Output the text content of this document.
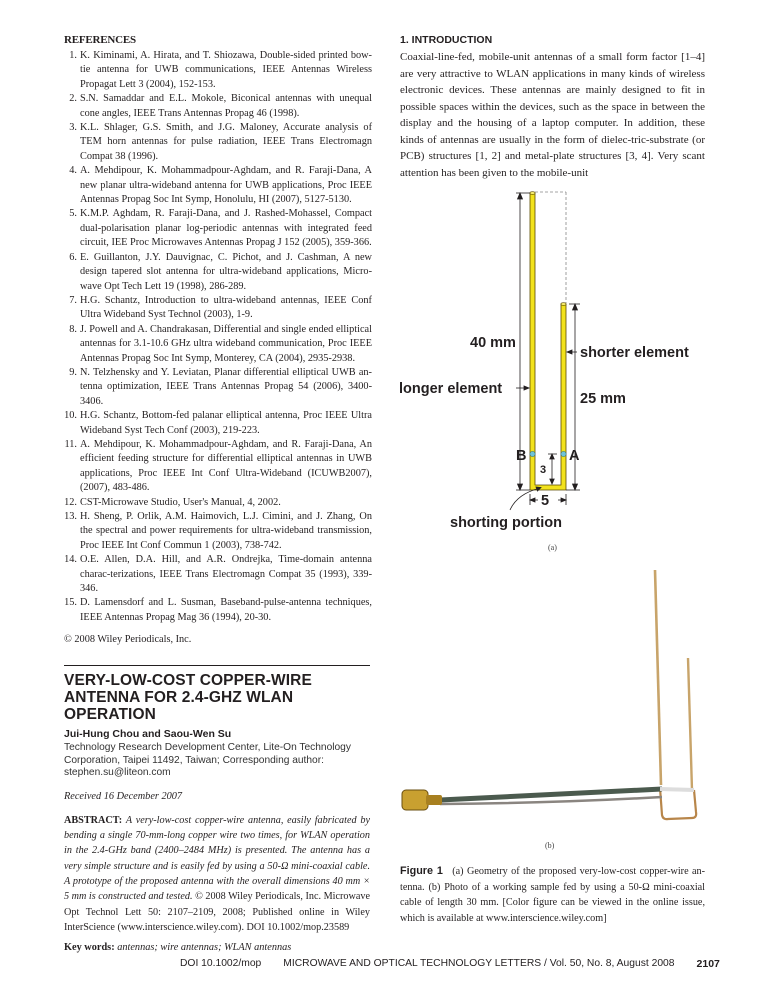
REFERENCES
1. K. Kiminami, A. Hirata, and T. Shiozawa, Double-sided printed bow-tie antenna for UWB communications, IEEE Antennas Wireless Propagat Lett 3 (2004), 152-153.
2. S.N. Samaddar and E.L. Mokole, Biconical antennas with unequal cone angles, IEEE Trans Antennas Propag 46 (1998).
3. K.L. Shlager, G.S. Smith, and J.G. Maloney, Accurate analysis of TEM horn antennas for pulse radiation, IEEE Trans Electromagn Compat 38 (1996).
4. A. Mehdipour, K. Mohammadpour-Aghdam, and R. Faraji-Dana, A new planar ultra-wideband antenna for UWB applications, Proc IEEE Antennas Propag Soc Int Symp, Honolulu, HI (2007), 5127-5130.
5. K.M.P. Aghdam, R. Faraji-Dana, and J. Rashed-Mohassel, Compact dual-polarisation planar log-periodic antennas with integrated feed circuit, IEE Proc Microwaves Antennas Propag J 152 (2005), 359-366.
6. E. Guillanton, J.Y. Dauvignac, C. Pichot, and J. Cashman, A new design tapered slot antenna for ultra-wideband applications, Micro-wave Opt Tech Lett 19 (1998), 286-289.
7. H.G. Schantz, Introduction to ultra-wideband antennas, IEEE Conf Ultra Wideband Syst Technol (2003), 1-9.
8. J. Powell and A. Chandrakasan, Differential and single ended elliptical antennas for 3.1-10.6 GHz ultra wideband communication, Proc IEEE Antennas Propag Soc Int Symp, Monterey, CA (2004), 2935-2938.
9. N. Telzhensky and Y. Leviatan, Planar differential elliptical UWB an-tenna optimization, IEEE Trans Antennas Propag 54 (2006), 3400-3406.
10. H.G. Schantz, Bottom-fed palanar elliptical antenna, Proc IEEE Ultra Wideband Syst Tech Conf (2003), 219-223.
11. A. Mehdipour, K. Mohammadpour-Aghdam, and R. Faraji-Dana, An efficient feeding structure for differential elliptical antennas in UWB applications, Proc IEEE Int Conf Ultra-Wideband (ICUWB2007), (2007), 483-486.
12. CST-Microwave Studio, User's Manual, 4, 2002.
13. H. Sheng, P. Orlik, A.M. Haimovich, L.J. Cimini, and J. Zhang, On the spectral and power requirements for ultra-wideband transmission, Proc IEEE Int Conf Commun 1 (2003), 738-742.
14. O.E. Allen, D.A. Hill, and A.R. Ondrejka, Time-domain antenna charac-terizations, IEEE Trans Electromagn Compat 35 (1993), 339-346.
15. D. Lamensdorf and L. Susman, Baseband-pulse-antenna techniques, IEEE Antennas Propag Mag 36 (1994), 20-30.
© 2008 Wiley Periodicals, Inc.
VERY-LOW-COST COPPER-WIRE ANTENNA FOR 2.4-GHZ WLAN OPERATION
Jui-Hung Chou and Saou-Wen Su
Technology Research Development Center, Lite-On Technology Corporation, Taipei 11492, Taiwan; Corresponding author: stephen.su@liteon.com
Received 16 December 2007
ABSTRACT: A very-low-cost copper-wire antenna, easily fabricated by bending a single 70-mm-long copper wire two times, for WLAN operation in the 2.4-GHz band (2400–2484 MHz) is presented. The antenna has a very simple structure and is easily fed by using a 50-Ω mini-coaxial cable. A prototype of the proposed antenna with the overall dimensions 40 mm × 5 mm is constructed and tested. © 2008 Wiley Periodicals, Inc. Microwave Opt Technol Lett 50: 2107–2109, 2008; Published online in Wiley InterScience (www.interscience.wiley.com). DOI 10.1002/mop.23589
Key words: antennas; wire antennas; WLAN antennas
1. INTRODUCTION

Coaxial-line-fed, mobile-unit antennas of a small form factor [1–4] are very attractive to WLAN applications in many kinds of wireless electronic devices. These antennas are mainly designed to fit in possible spaces within the devices, such as the space in between the display and the housing of a laptop computer. In addition, these kinds of antennas are usually in the form of dielec-tric-substrate (or PCB) structures [1, 2] and metal-plate structures [3, 4]. Very scant attention has been given to the mobile-unit

40 mm
shorter element
longer element
25 mm
B	A
3
5
shorting portion
(a)
(b)
Figure 1 (a) Geometry of the proposed very-low-cost copper-wire an-tenna. (b) Photo of a working sample fed by using a 50-Ω mini-coaxial cable of length 30 mm. [Color figure can be viewed in the online issue, which is available at www.interscience.wiley.com]
DOI 10.1002/mop MICROWAVE AND OPTICAL TECHNOLOGY LETTERS / Vol. 50, No. 8, August 2008 2107
